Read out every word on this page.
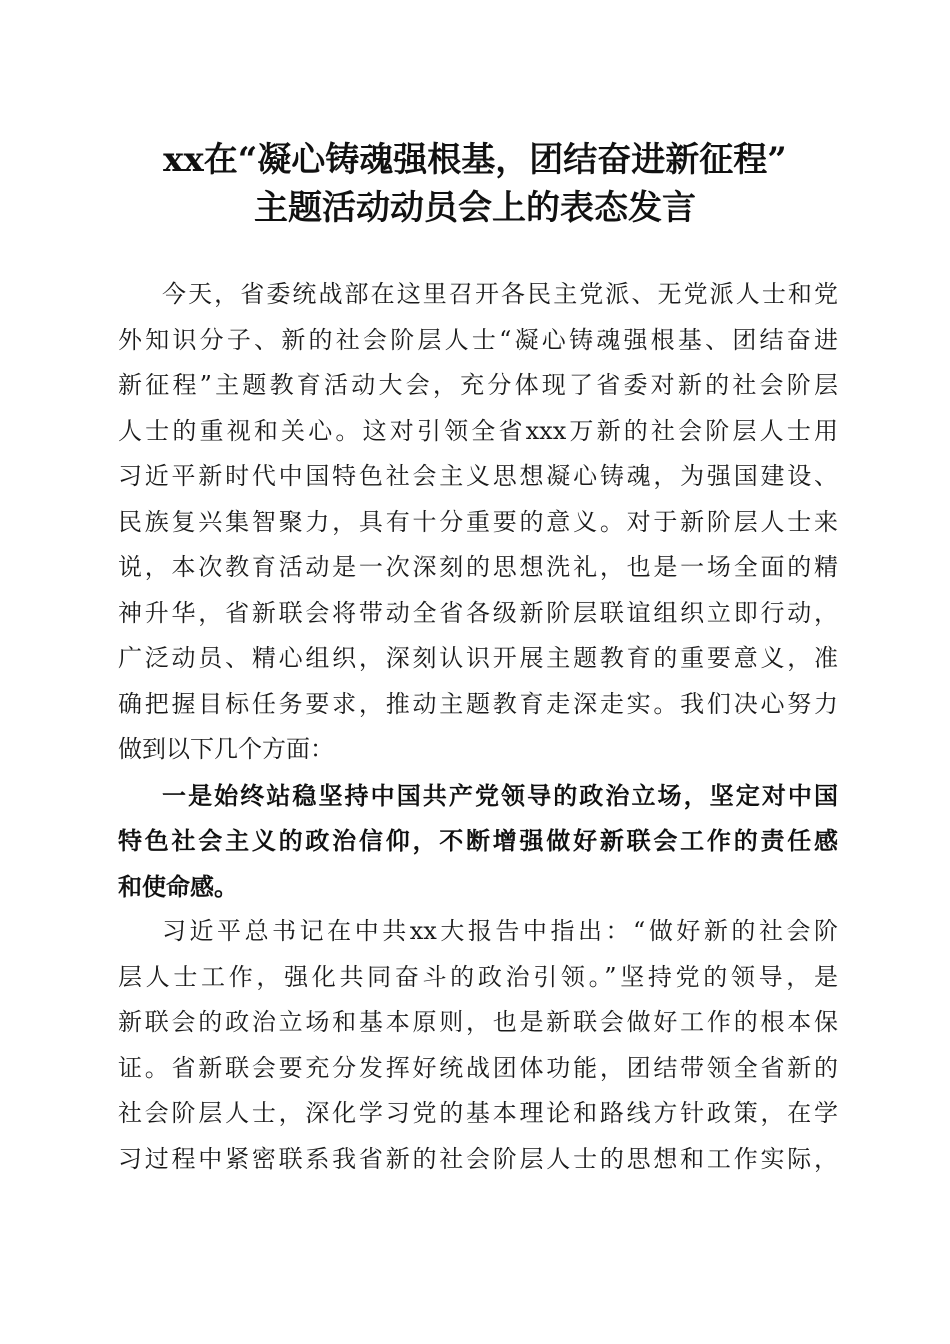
xx在“凝心铸魂强根基，团结奋进新征程”
主题活动动员会上的表态发言
今天，省委统战部在这里召开各民主党派、无党派人士和党
外知识分子、新的社会阶层人士“凝心铸魂强根基、团结奋进
新征程”主题教育活动大会，充分体现了省委对新的社会阶层
人士的重视和关心。这对引领全省xxx万新的社会阶层人士用
习近平新时代中国特色社会主义思想凝心铸魂，为强国建设、
民族复兴集智聚力，具有十分重要的意义。对于新阶层人士来
说，本次教育活动是一次深刻的思想洗礼，也是一场全面的精
神升华，省新联会将带动全省各级新阶层联谊组织立即行动，
广泛动员、精心组织，深刻认识开展主题教育的重要意义，准
确把握目标任务要求，推动主题教育走深走实。我们决心努力
做到以下几个方面：
一是始终站稳坚持中国共产党领导的政治立场，坚定对中国
特色社会主义的政治信仰，不断增强做好新联会工作的责任感
和使命感。
习近平总书记在中共xx大报告中指出：“做好新的社会阶
层人士工作，强化共同奋斗的政治引领。”坚持党的领导，是
新联会的政治立场和基本原则，也是新联会做好工作的根本保
证。省新联会要充分发挥好统战团体功能，团结带领全省新的
社会阶层人士，深化学习党的基本理论和路线方针政策，在学
习过程中紧密联系我省新的社会阶层人士的思想和工作实际，
